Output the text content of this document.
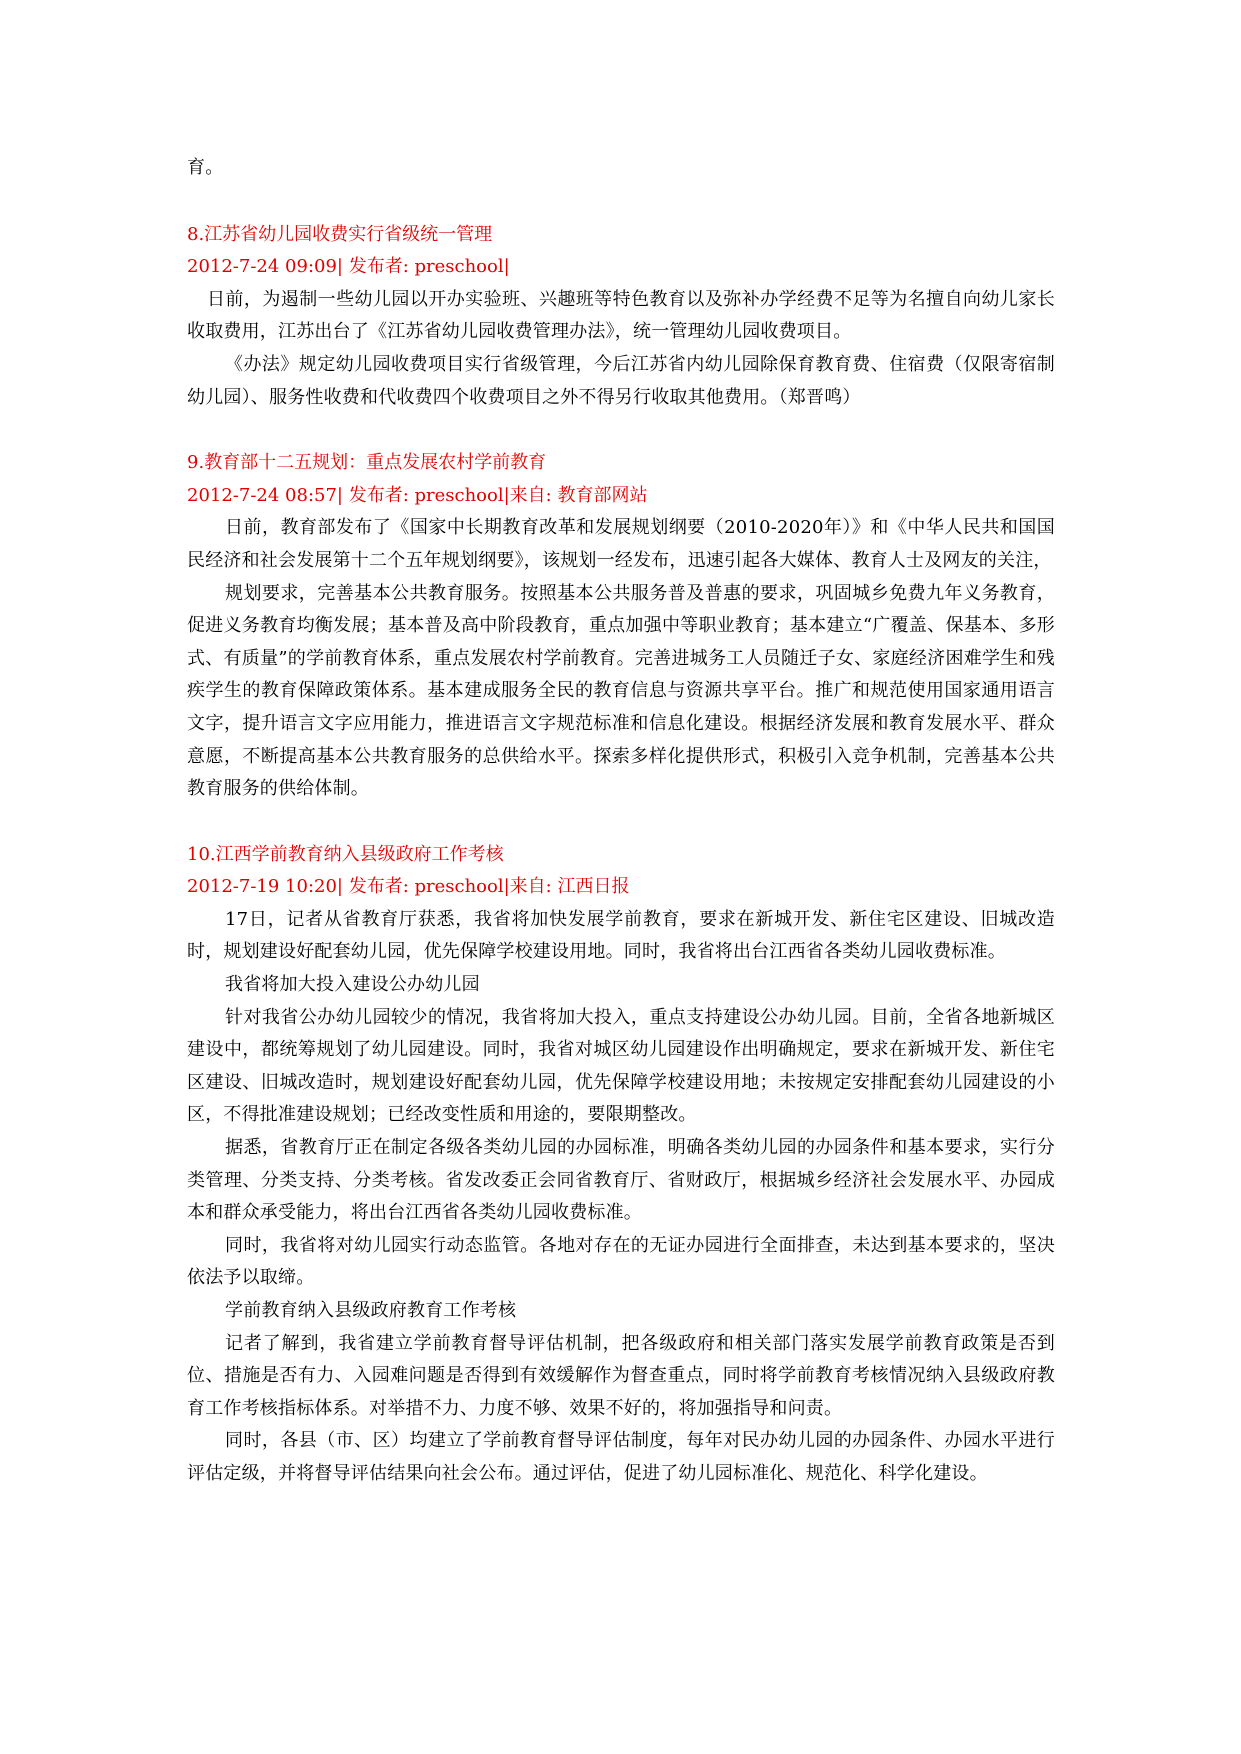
育。

8.江苏省幼儿园收费实行省级统一管理

2012-7-24 09:09| 发布者: preschool|

日前，为遏制一些幼儿园以开办实验班、兴趣班等特色教育以及弥补办学经费不足等为名擅自向幼儿家长收取费用，江苏出台了《江苏省幼儿园收费管理办法》，统一管理幼儿园收费项目。

《办法》规定幼儿园收费项目实行省级管理，今后江苏省内幼儿园除保育教育费、住宿费（仅限寄宿制幼儿园）、服务性收费和代收费四个收费项目之外不得另行收取其他费用。（郑晋鸣）

9.教育部十二五规划：重点发展农村学前教育

2012-7-24 08:57| 发布者: preschool|来自: 教育部网站

日前，教育部发布了《国家中长期教育改革和发展规划纲要（2010-2020年）》和《中华人民共和国国民经济和社会发展第十二个五年规划纲要》，该规划一经发布，迅速引起各大媒体、教育人士及网友的关注，

规划要求，完善基本公共教育服务。按照基本公共服务普及普惠的要求，巩固城乡免费九年义务教育，促进义务教育均衡发展；基本普及高中阶段教育，重点加强中等职业教育；基本建立“广覆盖、保基本、多形式、有质量”的学前教育体系，重点发展农村学前教育。完善进城务工人员随迁子女、家庭经济困难学生和残疾学生的教育保障政策体系。基本建成服务全民的教育信息与资源共享平台。推广和规范使用国家通用语言文字，提升语言文字应用能力，推进语言文字规范标准和信息化建设。根据经济发展和教育发展水平、群众意愿，不断提高基本公共教育服务的总供给水平。探索多样化提供形式，积极引入竞争机制，完善基本公共教育服务的供给体制。

10.江西学前教育纳入县级政府工作考核

2012-7-19 10:20| 发布者: preschool|来自: 江西日报

17日，记者从省教育厅获悉，我省将加快发展学前教育，要求在新城开发、新住宅区建设、旧城改造时，规划建设好配套幼儿园，优先保障学校建设用地。同时，我省将出台江西省各类幼儿园收费标准。

我省将加大投入建设公办幼儿园

针对我省公办幼儿园较少的情况，我省将加大投入，重点支持建设公办幼儿园。目前，全省各地新城区建设中，都统筹规划了幼儿园建设。同时，我省对城区幼儿园建设作出明确规定，要求在新城开发、新住宅区建设、旧城改造时，规划建设好配套幼儿园，优先保障学校建设用地；未按规定安排配套幼儿园建设的小区，不得批准建设规划；已经改变性质和用途的，要限期整改。

据悉，省教育厅正在制定各级各类幼儿园的办园标准，明确各类幼儿园的办园条件和基本要求，实行分类管理、分类支持、分类考核。省发改委正会同省教育厅、省财政厅，根据城乡经济社会发展水平、办园成本和群众承受能力，将出台江西省各类幼儿园收费标准。

同时，我省将对幼儿园实行动态监管。各地对存在的无证办园进行全面排查，未达到基本要求的，坚决依法予以取缔。

学前教育纳入县级政府教育工作考核

记者了解到，我省建立学前教育督导评估机制，把各级政府和相关部门落实发展学前教育政策是否到位、措施是否有力、入园难问题是否得到有效缓解作为督查重点，同时将学前教育考核情况纳入县级政府教育工作考核指标体系。对举措不力、力度不够、效果不好的，将加强指导和问责。

同时，各县（市、区）均建立了学前教育督导评估制度，每年对民办幼儿园的办园条件、办园水平进行评估定级，并将督导评估结果向社会公布。通过评估，促进了幼儿园标准化、规范化、科学化建设。
